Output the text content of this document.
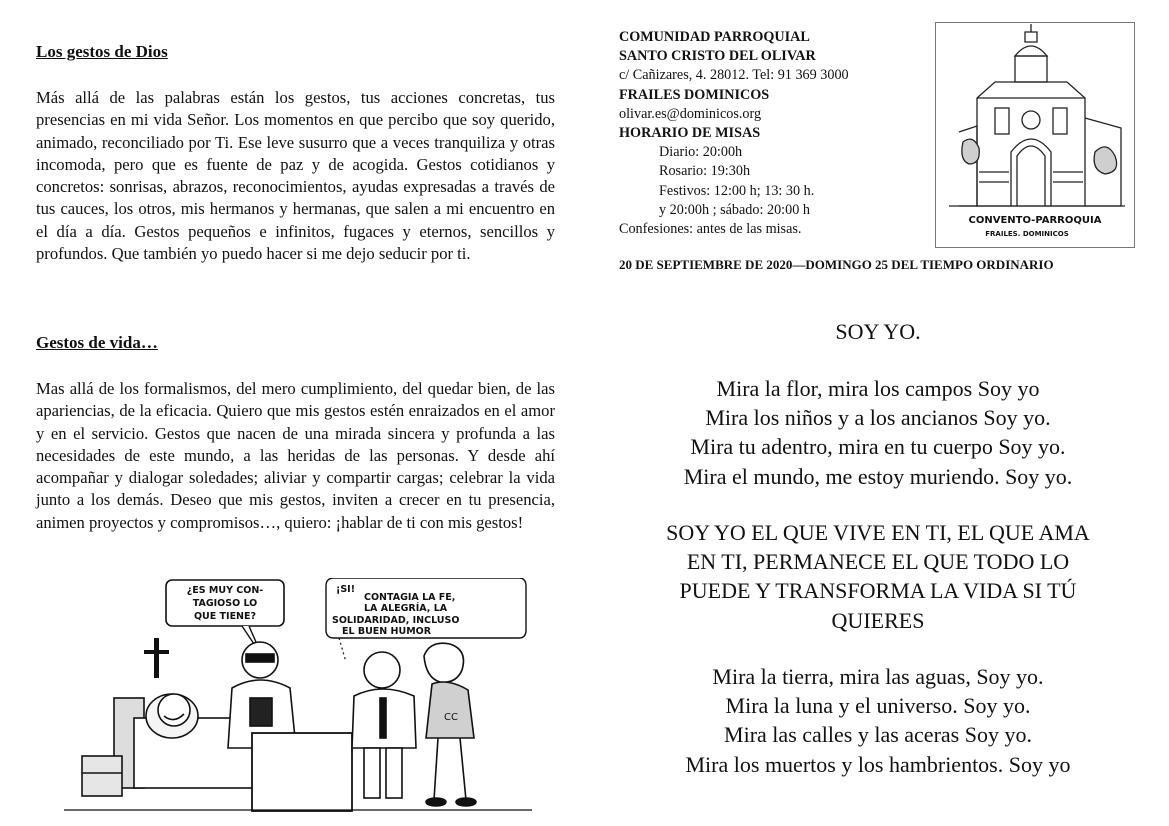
Los gestos de Dios
Más allá de las palabras están los gestos, tus acciones concretas, tus presencias en mi vida Señor. Los momentos en que percibo que soy querido, animado, reconciliado por Ti. Ese leve susurro que a veces tranquiliza y otras incomoda, pero que es fuente de paz y de acogida. Gestos cotidianos y concretos: sonrisas, abrazos, reconocimientos, ayudas expresadas a través de tus cauces, los otros, mis hermanos y hermanas, que salen a mi encuentro en el día a día. Gestos pequeños e infinitos, fugaces y eternos, sencillos y profundos. Que también yo puedo hacer si me dejo seducir por ti.
Gestos de vida…
Mas allá de los formalismos, del mero cumplimiento, del quedar bien, de las apariencias, de la eficacia. Quiero que mis gestos estén enraizados en el amor y en el servicio. Gestos que nacen de una mirada sincera y profunda a las necesidades de este mundo, a las heridas de las personas. Y desde ahí acompañar y dialogar soledades; aliviar y compartir cargas; celebrar la vida junto a los demás. Deseo que mis gestos, inviten a crecer en tu presencia, animen proyectos y compromisos…, quiero: ¡hablar de ti con mis gestos!
¿ES MUY CON-
TAGIOSO LO
QUE TIENE?
¡SI!
CONTAGIA LA FE,
LA ALEGRÍA, LA
SOLIDARIDAD, INCLUSO
EL BUEN HUMOR
CC
COMUNIDAD PARROQUIAL
SANTO CRISTO DEL OLIVAR
c/ Cañizares, 4. 28012. Tel: 91 369 3000
FRAILES DOMINICOS
olivar.es@dominicos.org
HORARIO DE MISAS
Diario: 20:00h
Rosario: 19:30h
Festivos: 12:00 h; 13: 30 h.
y 20:00h ; sábado: 20:00 h
Confesiones: antes de las misas.
CONVENTO-PARROQUIA
FRAILES. DOMINICOS
20 DE SEPTIEMBRE DE 2020—DOMINGO 25 DEL TIEMPO ORDINARIO
SOY YO.
Mira la flor, mira los campos Soy yo
Mira los niños y a los ancianos Soy yo.
Mira tu adentro, mira en tu cuerpo Soy yo.
Mira el mundo, me estoy muriendo. Soy yo.
SOY YO EL QUE VIVE EN TI, EL QUE AMA
EN TI, PERMANECE EL QUE TODO LO
PUEDE Y TRANSFORMA LA VIDA SI TÚ
QUIERES
Mira la tierra, mira las aguas, Soy yo.
Mira la luna y el universo. Soy yo.
Mira las calles y las aceras Soy yo.
Mira los muertos y los hambrientos. Soy yo
